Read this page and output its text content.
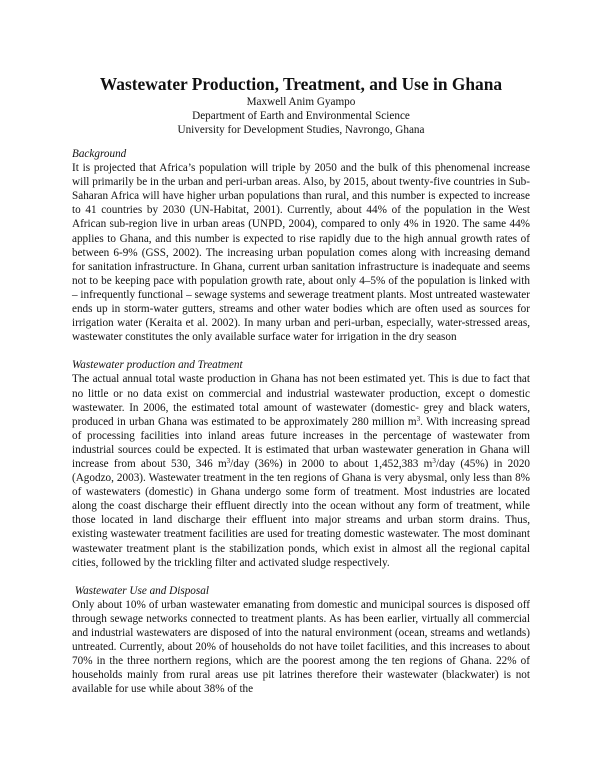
Wastewater Production, Treatment, and Use in Ghana
Maxwell Anim Gyampo
Department of Earth and Environmental Science
University for Development Studies, Navrongo, Ghana
Background

It is projected that Africa’s population will triple by 2050 and the bulk of this phenomenal increase will primarily be in the urban and peri-urban areas. Also, by 2015, about twenty-five countries in Sub-Saharan Africa will have higher urban populations than rural, and this number is expected to increase to 41 countries by 2030 (UN-Habitat, 2001). Currently, about 44% of the population in the West African sub-region live in urban areas (UNPD, 2004), compared to only 4% in 1920. The same 44% applies to Ghana, and this number is expected to rise rapidly due to the high annual growth rates of between 6-9% (GSS, 2002). The increasing urban population comes along with increasing demand for sanitation infrastructure. In Ghana, current urban sanitation infrastructure is inadequate and seems not to be keeping pace with population growth rate, about only 4–5% of the population is linked with – infrequently functional – sewage systems and sewerage treatment plants. Most untreated wastewater ends up in storm-water gutters, streams and other water bodies which are often used as sources for irrigation water (Keraita et al. 2002). In many urban and peri-urban, especially, water-stressed areas, wastewater constitutes the only available surface water for irrigation in the dry season

Wastewater production and Treatment

The actual annual total waste production in Ghana has not been estimated yet. This is due to fact that no little or no data exist on commercial and industrial wastewater production, except o domestic wastewater. In 2006, the estimated total amount of wastewater (domestic- grey and black waters, produced in urban Ghana was estimated to be approximately 280 million $m^3$. With increasing spread of processing facilities into inland areas future increases in the percentage of wastewater from industrial sources could be expected. It is estimated that urban wastewater generation in Ghana will increase from about 530, 346 $m^3$/day (36%) in 2000 to about 1,452,383 $m^3$/day (45%) in 2020 (Agodzo, 2003). Wastewater treatment in the ten regions of Ghana is very abysmal, only less than 8% of wastewaters (domestic) in Ghana undergo some form of treatment. Most industries are located along the coast discharge their effluent directly into the ocean without any form of treatment, while those located in land discharge their effluent into major streams and urban storm drains. Thus, existing wastewater treatment facilities are used for treating domestic wastewater. The most dominant wastewater treatment plant is the stabilization ponds, which exist in almost all the regional capital cities, followed by the trickling filter and activated sludge respectively.

Wastewater Use and Disposal

Only about 10% of urban wastewater emanating from domestic and municipal sources is disposed off through sewage networks connected to treatment plants. As has been earlier, virtually all commercial and industrial wastewaters are disposed of into the natural environment (ocean, streams and wetlands) untreated. Currently, about 20% of households do not have toilet facilities, and this increases to about 70% in the three northern regions, which are the poorest among the ten regions of Ghana. 22% of households mainly from rural areas use pit latrines therefore their wastewater (blackwater) is not available for use while about 38% of the
